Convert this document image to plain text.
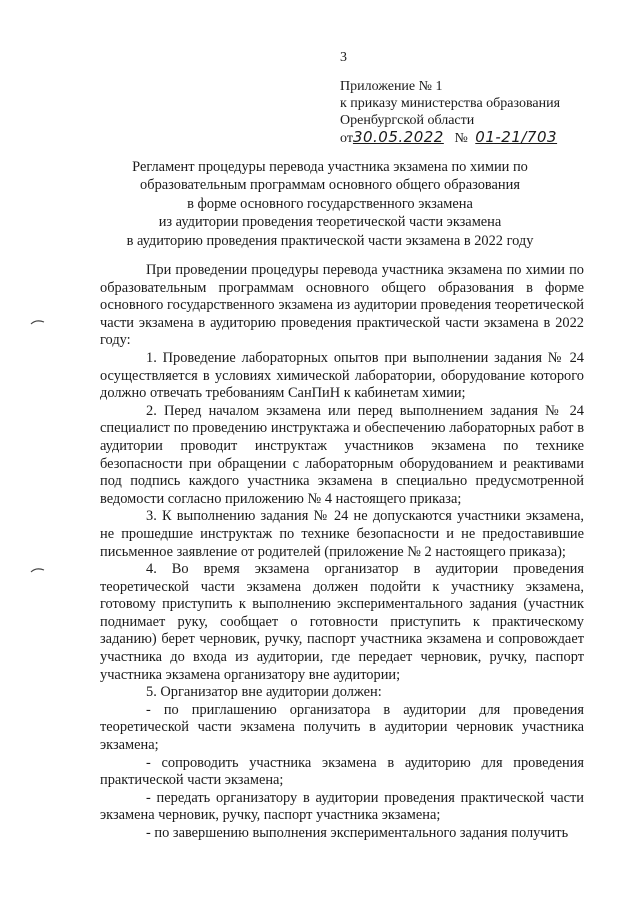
3
Приложение № 1
к приказу министерства образования
Оренбургской области
от30.05.2022 № 01-21/703
Регламент процедуры перевода участника экзамена по химии по
образовательным программам основного общего образования
в форме основного государственного экзамена
из аудитории проведения теоретической части экзамена
в аудиторию проведения практической части экзамена в 2022 году

При проведении процедуры перевода участника экзамена по химии по образовательным программам основного общего образования в форме основного государственного экзамена из аудитории проведения теоретической части экзамена в аудиторию проведения практической части экзамена в 2022 году:

1. Проведение лабораторных опытов при выполнении задания № 24 осуществляется в условиях химической лаборатории, оборудование которого должно отвечать требованиям СанПиН к кабинетам химии;

2. Перед началом экзамена или перед выполнением задания № 24 специалист по проведению инструктажа и обеспечению лабораторных работ в аудитории проводит инструктаж участников экзамена по технике безопасности при обращении с лабораторным оборудованием и реактивами под подпись каждого участника экзамена в специально предусмотренной ведомости согласно приложению № 4 настоящего приказа;

3. К выполнению задания № 24 не допускаются участники экзамена, не прошедшие инструктаж по технике безопасности и не предоставившие письменное заявление от родителей (приложение № 2 настоящего приказа);

4. Во время экзамена организатор в аудитории проведения теоретической части экзамена должен подойти к участнику экзамена, готовому приступить к выполнению экспериментального задания (участник поднимает руку, сообщает о готовности приступить к практическому заданию) берет черновик, ручку, паспорт участника экзамена и сопровождает участника до входа из аудитории, где передает черновик, ручку, паспорт участника экзамена организатору вне аудитории;

5. Организатор вне аудитории должен:

- по приглашению организатора в аудитории для проведения теоретической части экзамена получить в аудитории черновик участника экзамена;

- сопроводить участника экзамена в аудиторию для проведения практической части экзамена;

- передать организатору в аудитории проведения практической части экзамена черновик, ручку, паспорт участника экзамена;

- по завершению выполнения экспериментального задания получить
